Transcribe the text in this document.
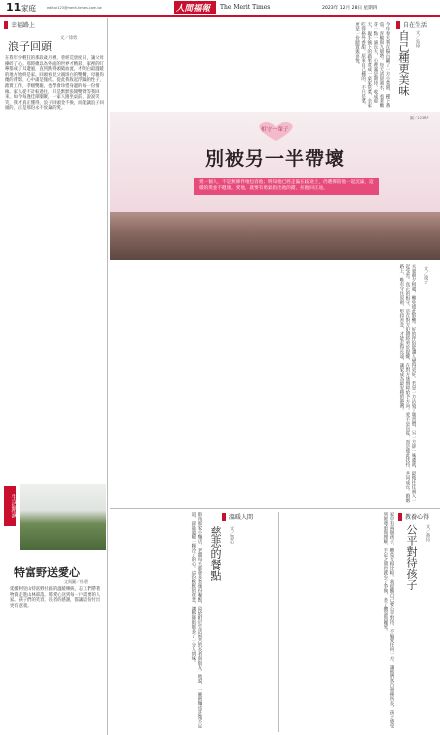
11 家庭	editor123@merit-times.com.tw	人間福報 The Merit Times	2023年 12月 28日 星期四
幸福路上
浪子回頭
文／徐勇
在我年少輕狂的那段歲月裡，曾經荒唐度日，讓父母操碎了心。那時總以為外面的世界才精彩，家裡的叮嚀都成了耳邊風，直到跌得頭破血流，才明白最溫暖的地方始終是家。回頭看見父親斑白的雙鬢，母親佝僂的背影，心中滿是愧疚。從此我收起浮躁的性子，踏實工作，孝順雙親，也學會珍惜身邊的每一份情緣。家人從不計較過往，只是默默張開雙臂等我回來。如今每逢佳節團聚，一家人圍坐桌前，說說笑笑，我才真正懂得，浪子回頭金不換，而能讓浪子回頭的，正是那份永不放棄的愛。
生活點滴
特富野送愛心
文與圖／杜碧
延續阿里山特富野社區的溫暖傳統，志工們帶著物資走進山林部落，將愛心送到每一戶需要的人家。孩子們的笑容，長者的感謝，都讓這份付出更有意義。
自在生活
自己種更美味	文／吳珍
今年春天我在陽台闢了一方小菜園，種下番茄、青椒與九層塔。每天清晨澆水，看著嫩芽一點一滴長大，心裡滿是期待。收成那天，親手摘下的蔬果煮成一桌家常菜，全家吃得格外香甜。原來自己種的，不只是菜，更是一份踏實與喜悅。
圖／123RF
相守一輩子
別被另一半帶壞
愛一個人，不是無條件地包容他；明知他已經走偏在歧途上，仍選擇陪他一起沉淪，這樣的愛並不健康。愛他，就要有勇氣指出他的錯，拉他回正途。
文／凌子
夫妻朝夕相處，難免彼此影響。好的伴侶能讓人變得更好，若是一方沾染了壞習慣，另一方卻一味遷就，最後往往兩人一起受害。真正的相守，是在對方犯錯時勇於提醒，在對方迷惘時給予方向。愛不是盲從，而是彼此扶持，共同成長。婚姻路上，唯有守住原則、堅持善念，才能走得長遠，讓家成為最安穩的港灣。
溫暖人間
慈悲的餐點	文／慧心
街角那家小麵店，老闆每天都會多煮幾份餐點，留給附近生活困苦的長者與街友。他說，一碗熱麵也許微不足道，卻能溫暖一顆冷了的心。這份默默的慈悲，讓整條街都多了一分人情味。	教養心得
公平對待孩子	文／黃玲
家中有兩個孩子，難免互相比較。我提醒自己要公平對待，不偏愛任何一方，讓他們各自發揮所長。孩子感受到被尊重與理解，手足之間也就少了爭執，多了體諒與關愛。
